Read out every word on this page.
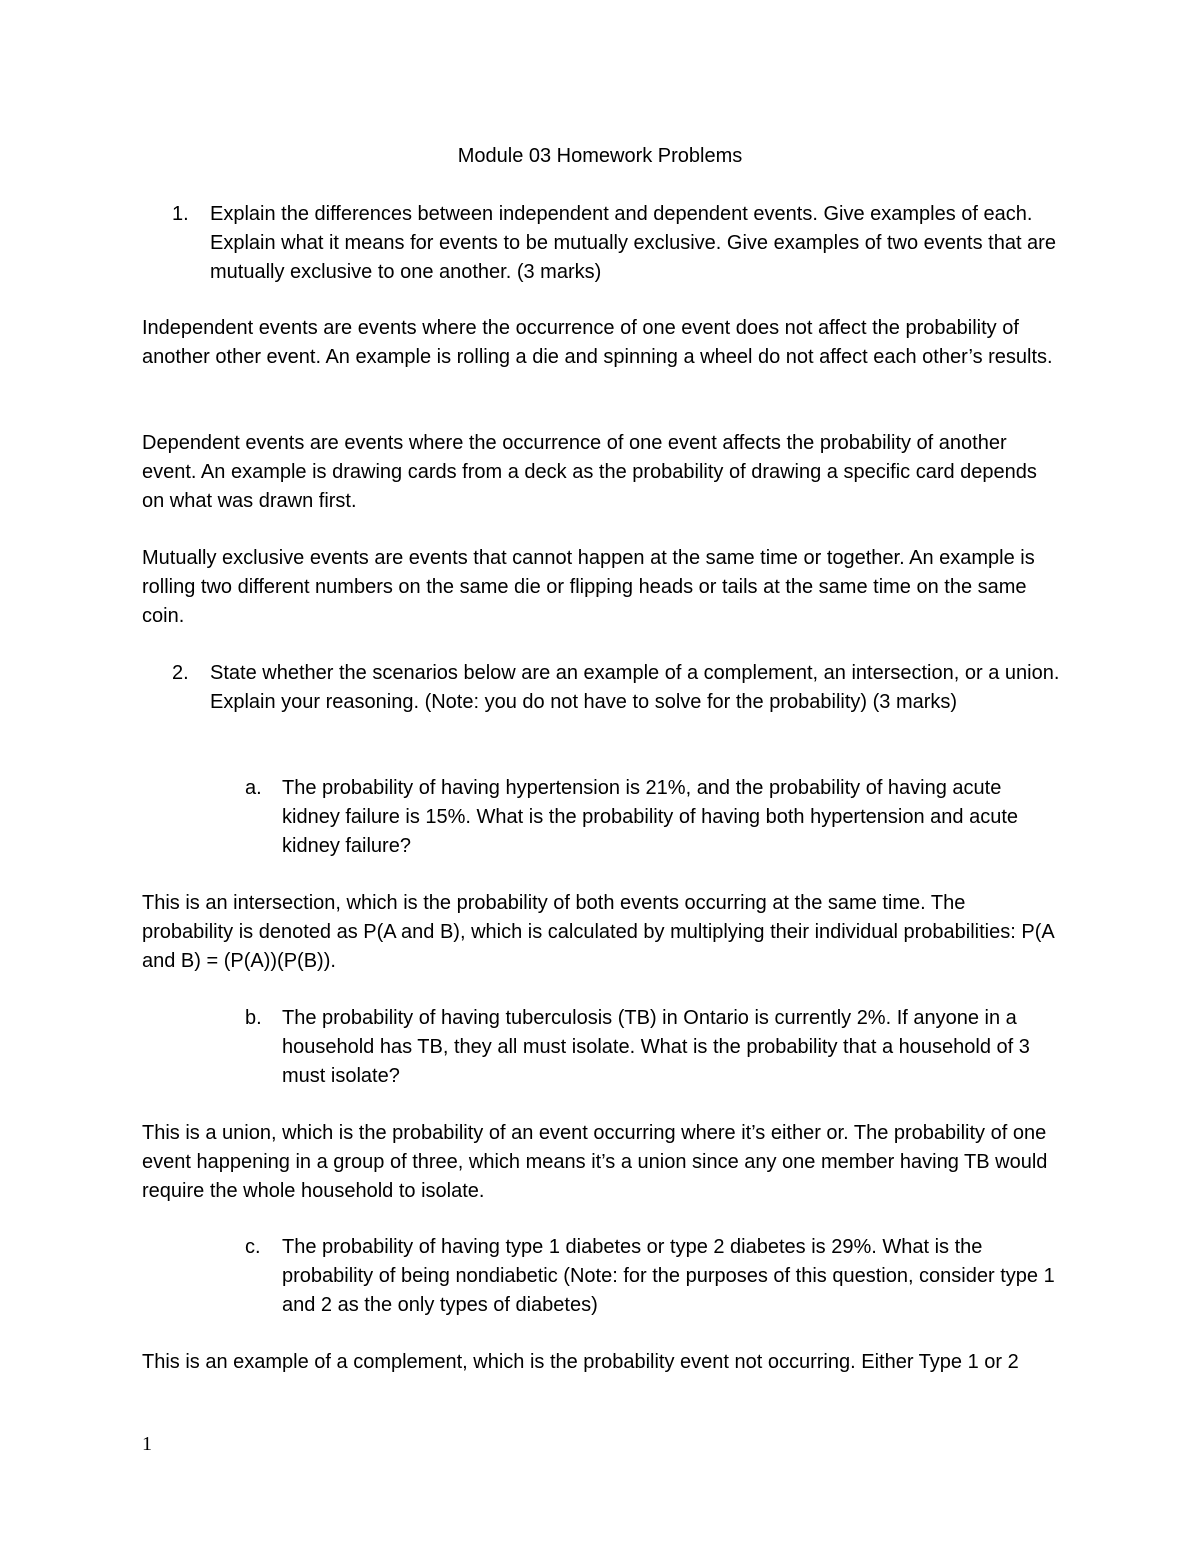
Module 03 Homework Problems
1.	Explain the differences between independent and dependent events. Give examples of each. Explain what it means for events to be mutually exclusive. Give examples of two events that are mutually exclusive to one another. (3 marks)
Independent events are events where the occurrence of one event does not affect the probability of another other event. An example is rolling a die and spinning a wheel do not affect each other’s results.
Dependent events are events where the occurrence of one event affects the probability of another event. An example is drawing cards from a deck as the probability of drawing a specific card depends on what was drawn first.
Mutually exclusive events are events that cannot happen at the same time or together. An example is rolling two different numbers on the same die or flipping heads or tails at the same time on the same coin.
2.	State whether the scenarios below are an example of a complement, an intersection, or a union. Explain your reasoning. (Note: you do not have to solve for the probability) (3 marks)
a.	The probability of having hypertension is 21%, and the probability of having acute kidney failure is 15%. What is the probability of having both hypertension and acute kidney failure?
This is an intersection, which is the probability of both events occurring at the same time. The probability is denoted as P(A and B), which is calculated by multiplying their individual probabilities: P(A and B) = (P(A))(P(B)).
b.	The probability of having tuberculosis (TB) in Ontario is currently 2%. If anyone in a household has TB, they all must isolate. What is the probability that a household of 3 must isolate?
This is a union, which is the probability of an event occurring where it’s either or. The probability of one event happening in a group of three, which means it’s a union since any one member having TB would require the whole household to isolate.
c.	The probability of having type 1 diabetes or type 2 diabetes is 29%. What is the probability of being nondiabetic (Note: for the purposes of this question, consider type 1 and 2 as the only types of diabetes)
This is an example of a complement, which is the probability event not occurring. Either Type 1 or 2
1
